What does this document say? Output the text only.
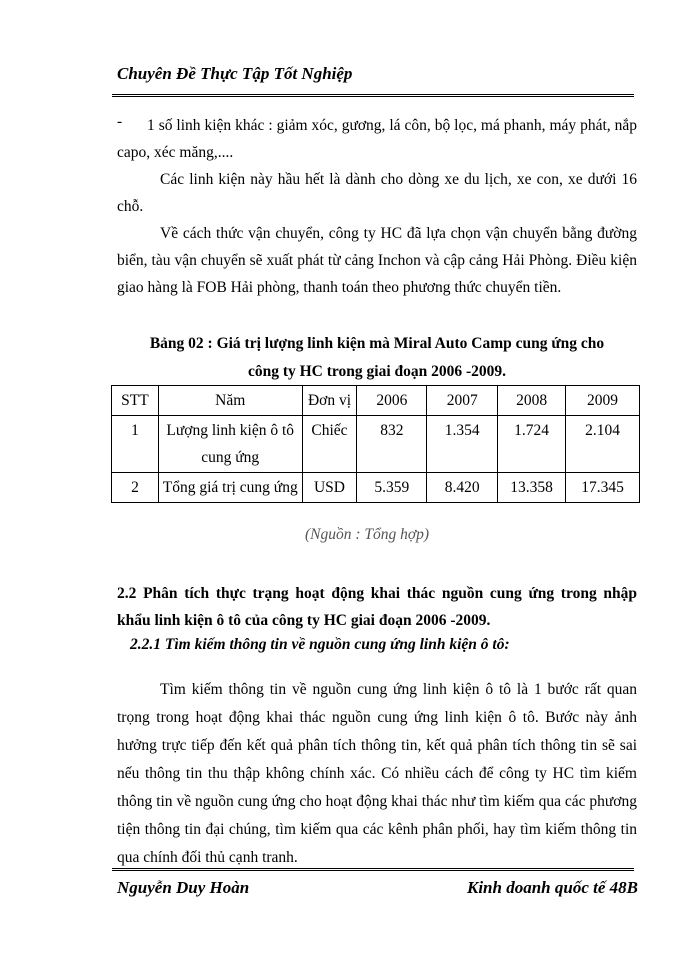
Chuyên Đề Thực Tập Tốt Nghiệp
-	1 số linh kiện khác : giảm xóc, gương, lá côn, bộ lọc, má phanh, máy phát, nắp capo, xéc măng,....

Các linh kiện này hầu hết là dành cho dòng xe du lịch, xe con, xe dưới 16 chỗ.

Về cách thức vận chuyển, công ty HC đã lựa chọn vận chuyển bằng đường biển, tàu vận chuyển sẽ xuất phát từ cảng Inchon và cập cảng Hải Phòng. Điều kiện giao hàng là FOB Hải phòng, thanh toán theo phương thức chuyển tiền.

Bảng 02 : Giá trị lượng linh kiện mà Miral Auto Camp cung ứng cho
công ty HC trong giai đoạn 2006 -2009.
STT	Năm	Đơn vị	2006	2007	2008	2009
1	Lượng linh kiện ô tô cung ứng	Chiếc	832	1.354	1.724	2.104
2	Tổng giá trị cung ứng	USD	5.359	8.420	13.358	17.345
(Nguồn : Tổng hợp)
2.2 Phân tích thực trạng hoạt động khai thác nguồn cung ứng trong nhập khẩu linh kiện ô tô của công ty HC giai đoạn 2006 -2009.
2.2.1 Tìm kiếm thông tin về nguồn cung ứng linh kiện ô tô:

Tìm kiếm thông tin về nguồn cung ứng linh kiện ô tô là 1 bước rất quan trọng trong hoạt động khai thác nguồn cung ứng linh kiện ô tô. Bước này ảnh hưởng trực tiếp đến kết quả phân tích thông tin, kết quả phân tích thông tin sẽ sai nếu thông tin thu thập không chính xác. Có nhiều cách để công ty HC tìm kiếm thông tin về nguồn cung ứng cho hoạt động khai thác như tìm kiếm qua các phương tiện thông tin đại chúng, tìm kiếm qua các kênh phân phối, hay tìm kiếm thông tin qua chính đối thủ cạnh tranh.

Nguyễn Duy Hoàn	Kinh doanh quốc tế 48B
